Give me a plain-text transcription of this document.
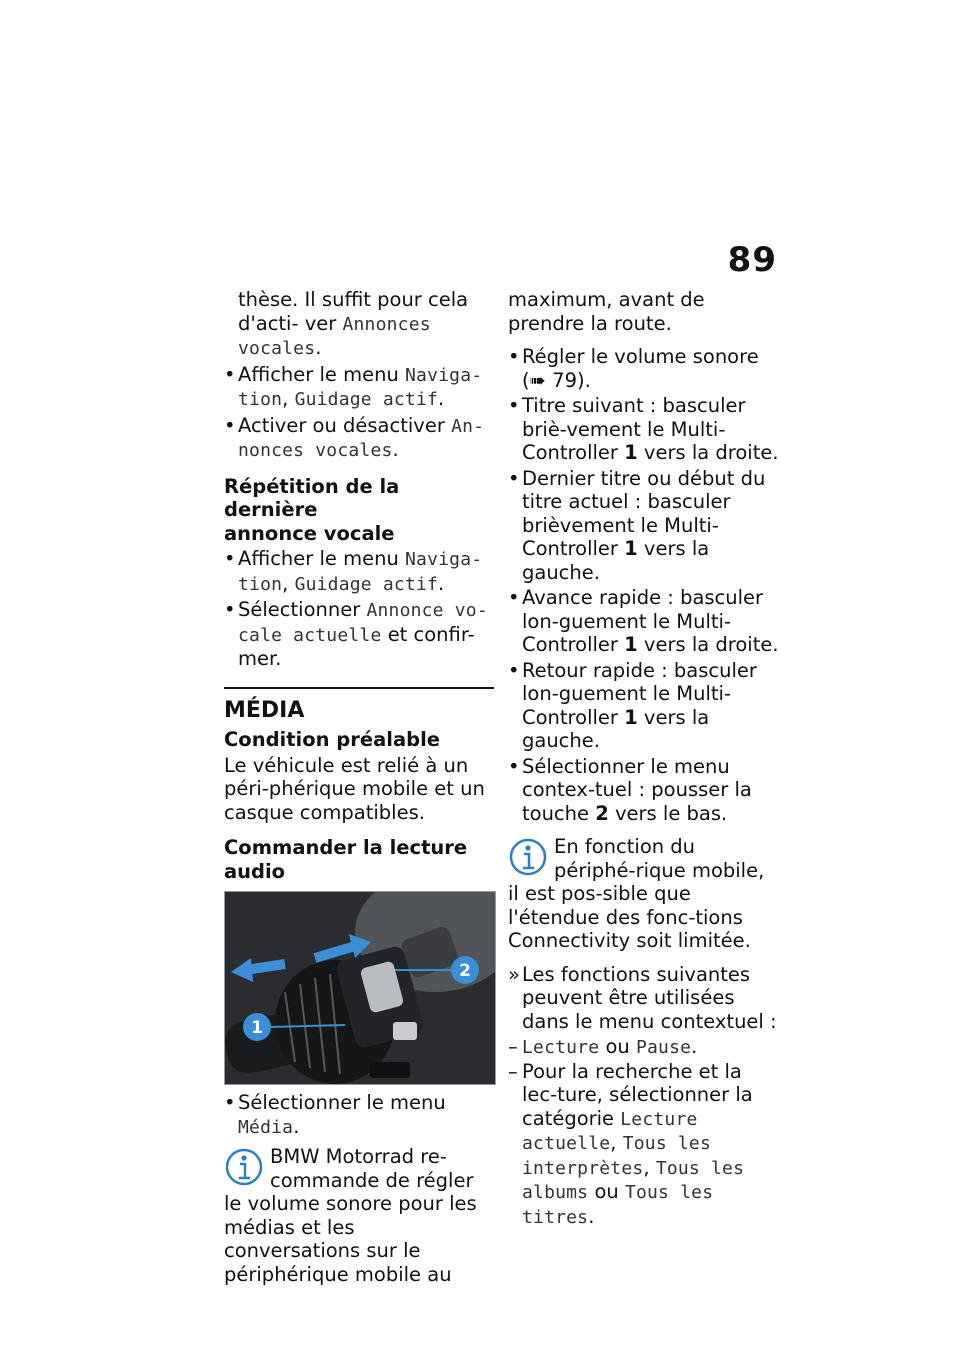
89

thèse. Il suffit pour cela d'acti- ver Annonces vocales.

• Afficher le menu Naviga-
tion, Guidage actif.
• Activer ou désactiver An-
nonces vocales.
Répétition de la dernière
annonce vocale
• Afficher le menu Naviga-
tion, Guidage actif.
• Sélectionner Annonce vo-
cale actuelle et confir-
mer.
MÉDIA
Condition préalable

Le véhicule est relié à un péri-phérique mobile et un casque compatibles.

Commander la lecture audio
1
2
• Sélectionner le menu Média.
BMW Motorrad re-commande de régler le volume sonore pour les médias et les conversations sur le périphérique mobile au

maximum, avant de prendre la route.

• Régler le volume sonore
(➠ 79).
• Titre suivant : basculer briè-vement le Multi-Controller 1 vers la droite.
• Dernier titre ou début du titre actuel : basculer brièvement le Multi-Controller 1 vers la gauche.
• Avance rapide : basculer lon-guement le Multi-Controller 1 vers la droite.
• Retour rapide : basculer lon-guement le Multi-Controller 1 vers la gauche.
• Sélectionner le menu contex-tuel : pousser la touche 2 vers le bas.
En fonction du périphé-rique mobile, il est pos-sible que l'étendue des fonc-tions Connectivity soit limitée.
» Les fonctions suivantes peuvent être utilisées dans le menu contextuel :
– Lecture ou Pause.
– Pour la recherche et la lec-ture, sélectionner la catégorie Lecture actuelle, Tous les interprètes, Tous les albums ou Tous les titres.
